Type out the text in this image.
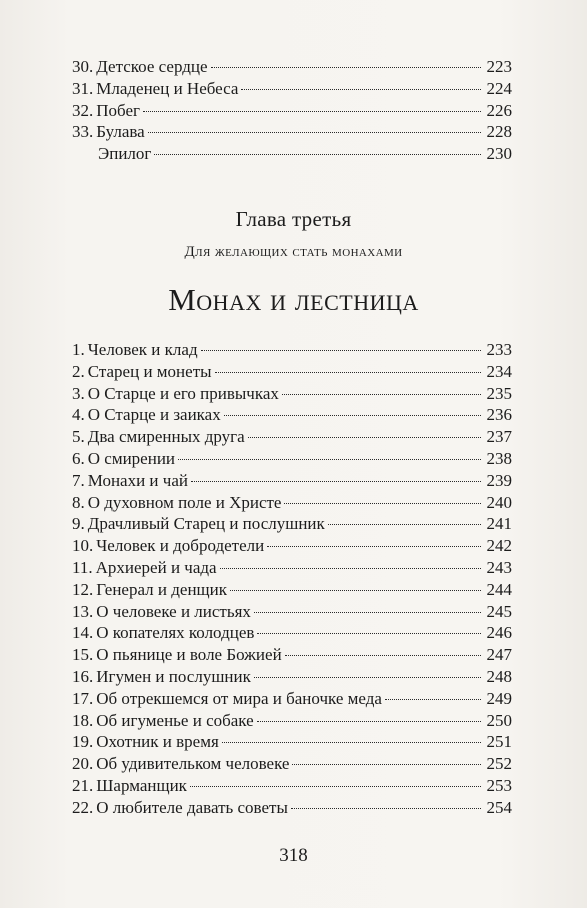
30. Детское сердце	223
31. Младенец и Небеса	224
32. Побег	226
33. Булава	228
Эпилог	230
Глава третья
Для желающих стать монахами
Монах и лестница
1. Человек и клад	233
2. Старец и монеты	234
3. О Старце и его привычках	235
4. О Старце и заиках	236
5. Два смиренных друга	237
6. О смирении	238
7. Монахи и чай	239
8. О духовном поле и Христе	240
9. Драчливый Старец и послушник	241
10. Человек и добродетели	242
11. Архиерей и чада	243
12. Генерал и денщик	244
13. О человеке и листьях	245
14. О копателях колодцев	246
15. О пьянице и воле Божией	247
16. Игумен и послушник	248
17. Об отрекшемся от мира и баночке меда	249
18. Об игуменье и собаке	250
19. Охотник и время	251
20. Об удивительком человеке	252
21. Шарманщик	253
22. О любителе давать советы	254
318
